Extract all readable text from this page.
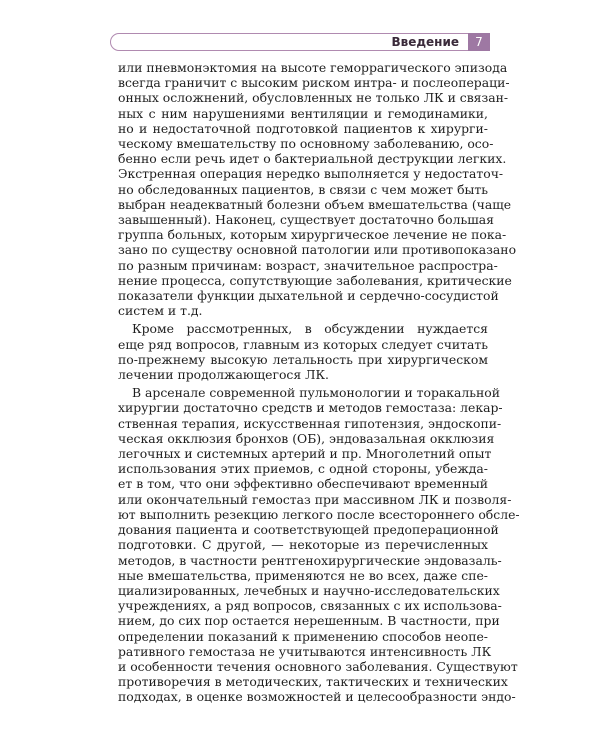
Введение	7
или пневмонэктомия на высоте геморрагического эпизода
всегда граничит с высоким риском интра- и послеопераци-
онных осложнений, обусловленных не только ЛК и связан-
ных с ним нарушениями вентиляции и гемодинамики,
но и недостаточной подготовкой пациентов к хирурги-
ческому вмешательству по основному заболеванию, осо-
бенно если речь идет о бактериальной деструкции легких.
Экстренная операция нередко выполняется у недостаточ-
но обследованных пациентов, в связи с чем может быть
выбран неадекватный болезни объем вмешательства (чаще
завышенный). Наконец, существует достаточно большая
группа больных, которым хирургическое лечение не пока-
зано по существу основной патологии или противопоказано
по разным причинам: возраст, значительное распростра-
нение процесса, сопутствующие заболевания, критические
показатели функции дыхательной и сердечно-сосудистой
систем и т.д.
Кроме рассмотренных, в обсуждении нуждается
еще ряд вопросов, главным из которых следует считать
по-прежнему высокую летальность при хирургическом
лечении продолжающегося ЛК.
В арсенале современной пульмонологии и торакальной
хирургии достаточно средств и методов гемостаза: лекар-
ственная терапия, искусственная гипотензия, эндоскопи-
ческая окклюзия бронхов (ОБ), эндовазальная окклюзия
легочных и системных артерий и пр. Многолетний опыт
использования этих приемов, с одной стороны, убежда-
ет в том, что они эффективно обеспечивают временный
или окончательный гемостаз при массивном ЛК и позволя-
ют выполнить резекцию легкого после всестороннего обсле-
дования пациента и соответствующей предоперационной
подготовки. С другой, — некоторые из перечисленных
методов, в частности рентгенохирургические эндовазаль-
ные вмешательства, применяются не во всех, даже спе-
циализированных, лечебных и научно-исследовательских
учреждениях, а ряд вопросов, связанных с их использова-
нием, до сих пор остается нерешенным. В частности, при
определении показаний к применению способов неопе-
ративного гемостаза не учитываются интенсивность ЛК
и особенности течения основного заболевания. Существуют
противоречия в методических, тактических и технических
подходах, в оценке возможностей и целесообразности эндо-
